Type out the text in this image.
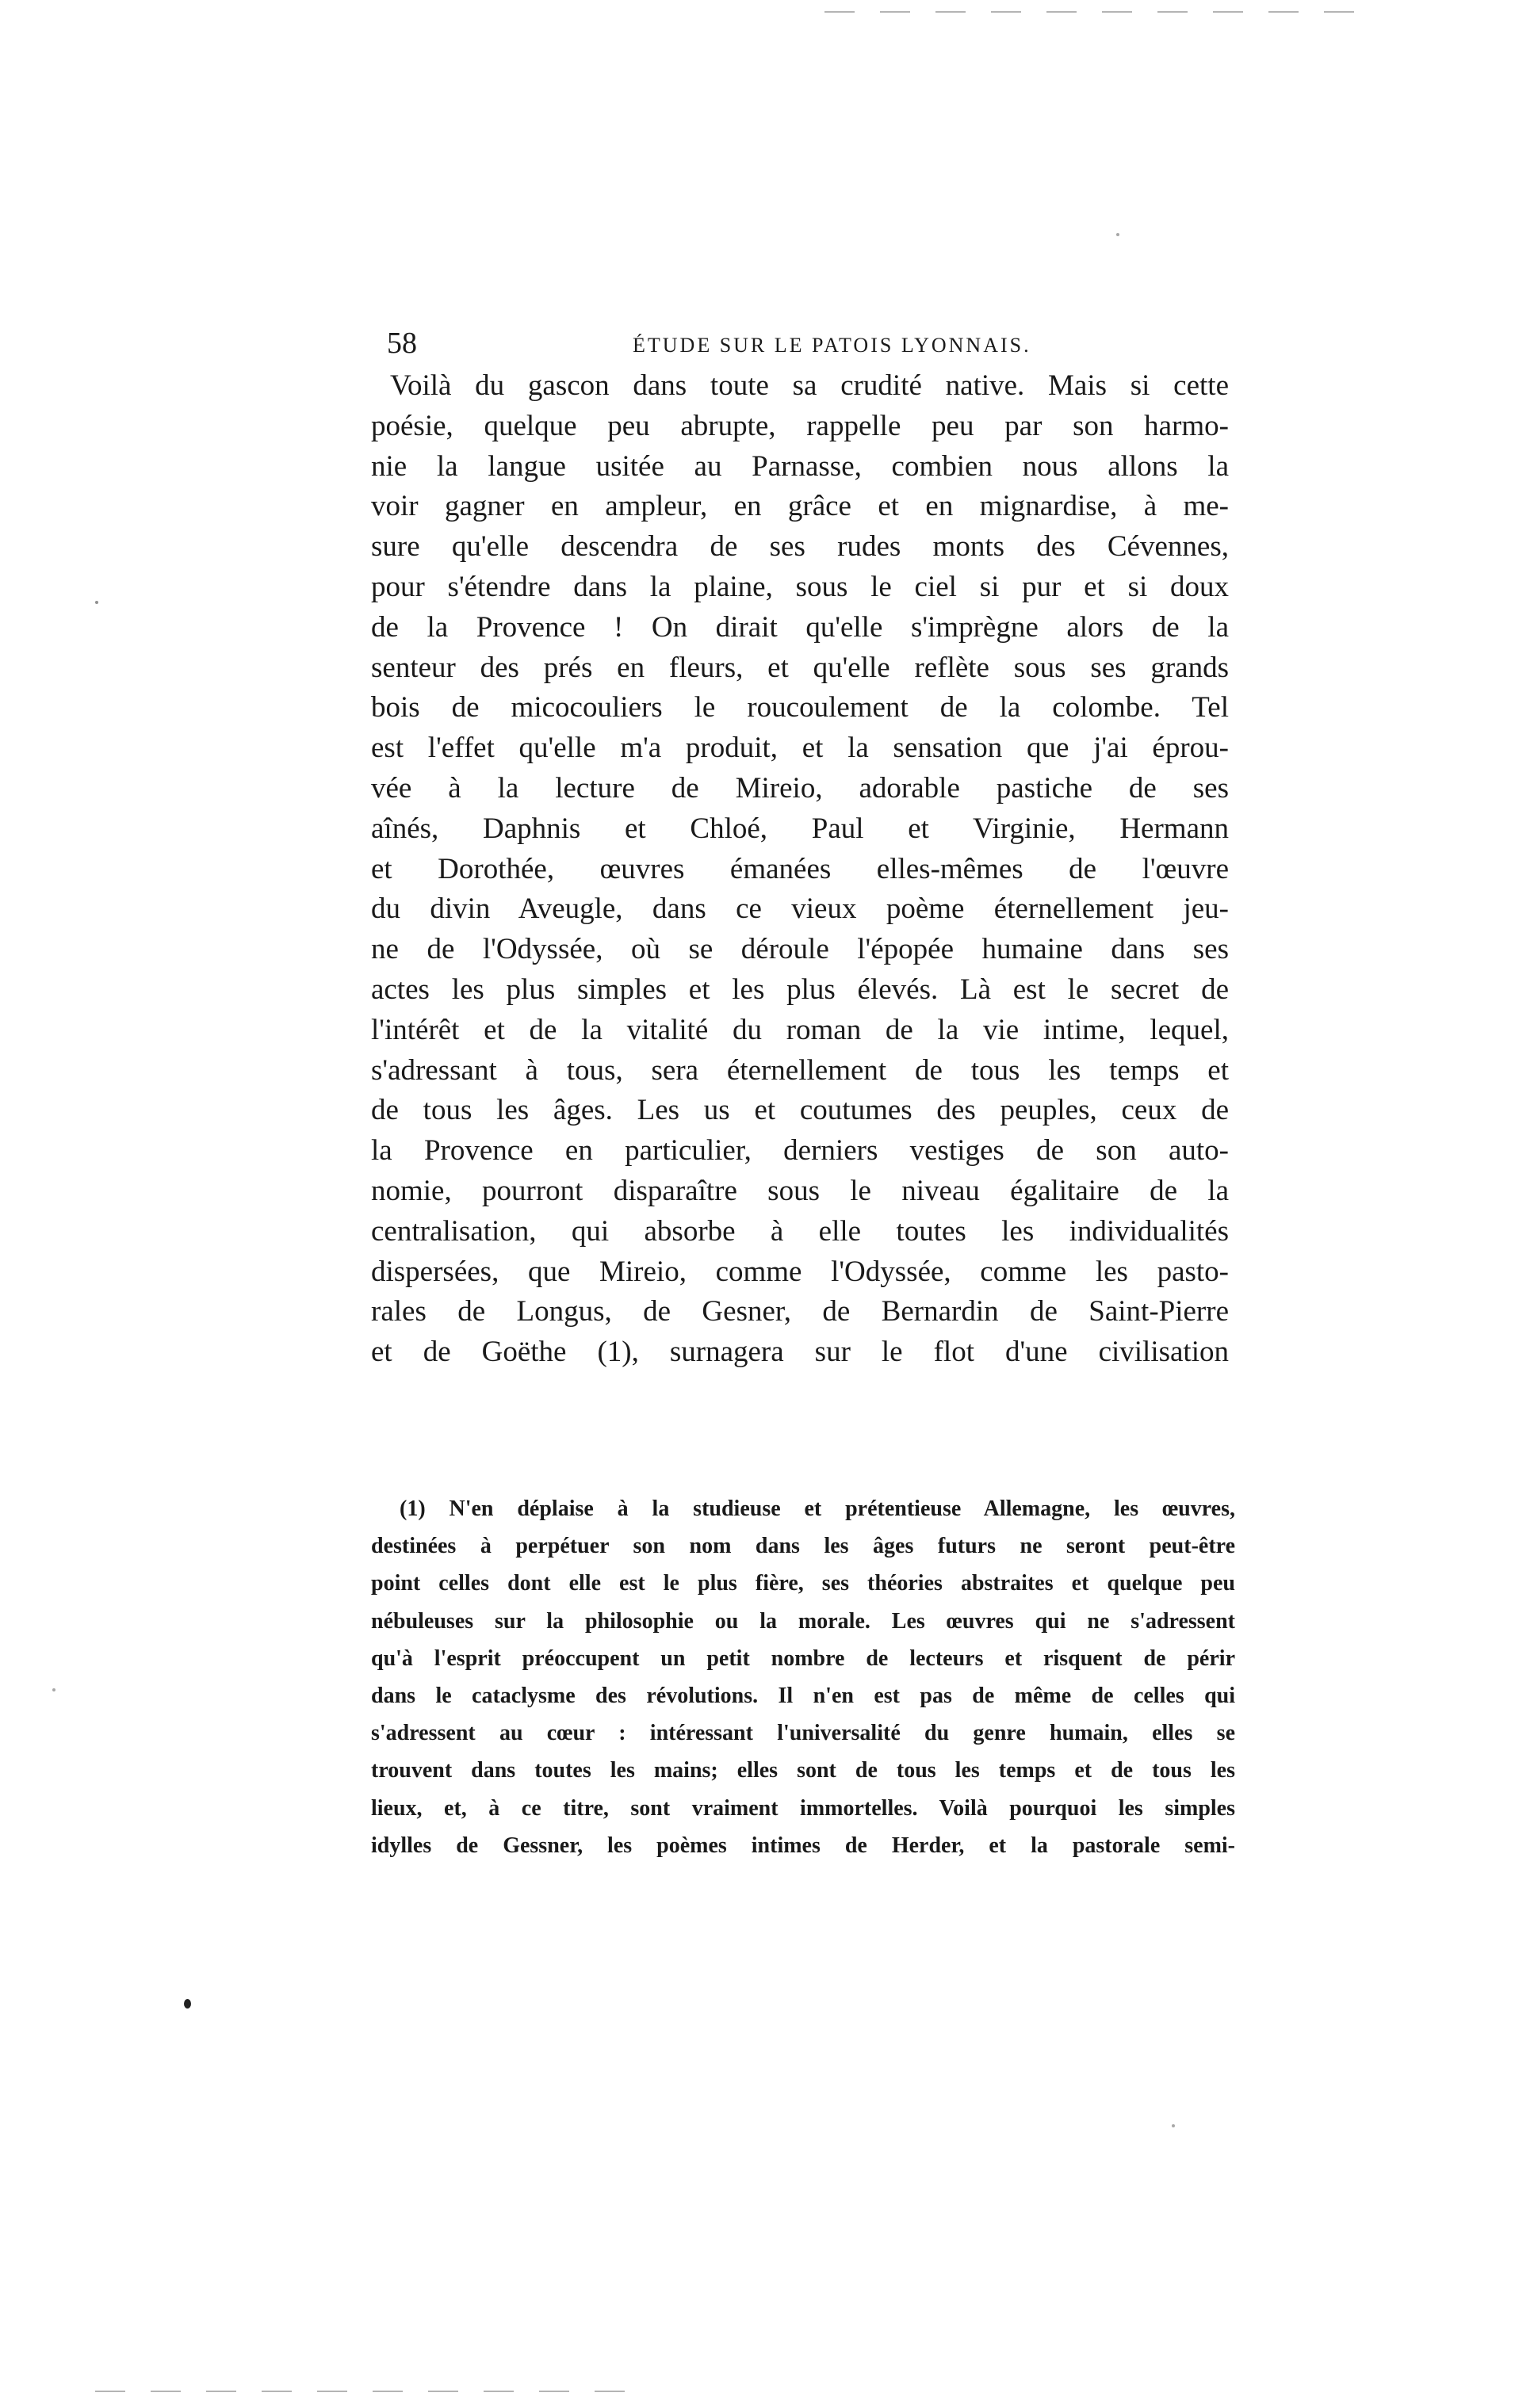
58	ÉTUDE SUR LE PATOIS LYONNAIS.
Voilà du gascon dans toute sa crudité native. Mais si cette
poésie, quelque peu abrupte, rappelle peu par son harmo-
nie la langue usitée au Parnasse, combien nous allons la
voir gagner en ampleur, en grâce et en mignardise, à me-
sure qu'elle descendra de ses rudes monts des Cévennes,
pour s'étendre dans la plaine, sous le ciel si pur et si doux
de la Provence ! On dirait qu'elle s'imprègne alors de la
senteur des prés en fleurs, et qu'elle reflète sous ses grands
bois de micocouliers le roucoulement de la colombe. Tel
est l'effet qu'elle m'a produit, et la sensation que j'ai éprou-
vée à la lecture de Mireio, adorable pastiche de ses
aînés, Daphnis et Chloé, Paul et Virginie, Hermann
et Dorothée, œuvres émanées elles-mêmes de l'œuvre
du divin Aveugle, dans ce vieux poème éternellement jeu-
ne de l'Odyssée, où se déroule l'épopée humaine dans ses
actes les plus simples et les plus élevés. Là est le secret de
l'intérêt et de la vitalité du roman de la vie intime, lequel,
s'adressant à tous, sera éternellement de tous les temps et
de tous les âges. Les us et coutumes des peuples, ceux de
la Provence en particulier, derniers vestiges de son auto-
nomie, pourront disparaître sous le niveau égalitaire de la
centralisation, qui absorbe à elle toutes les individualités
dispersées, que Mireio, comme l'Odyssée, comme les pasto-
rales de Longus, de Gesner, de Bernardin de Saint-Pierre
et de Goëthe (1), surnagera sur le flot d'une civilisation
(1) N'en déplaise à la studieuse et prétentieuse Allemagne, les œuvres,
destinées à perpétuer son nom dans les âges futurs ne seront peut-être
point celles dont elle est le plus fière, ses théories abstraites et quelque peu
nébuleuses sur la philosophie ou la morale. Les œuvres qui ne s'adressent
qu'à l'esprit préoccupent un petit nombre de lecteurs et risquent de périr
dans le cataclysme des révolutions. Il n'en est pas de même de celles qui
s'adressent au cœur : intéressant l'universalité du genre humain, elles se
trouvent dans toutes les mains; elles sont de tous les temps et de tous les
lieux, et, à ce titre, sont vraiment immortelles. Voilà pourquoi les simples
idylles de Gessner, les poèmes intimes de Herder, et la pastorale semi-
